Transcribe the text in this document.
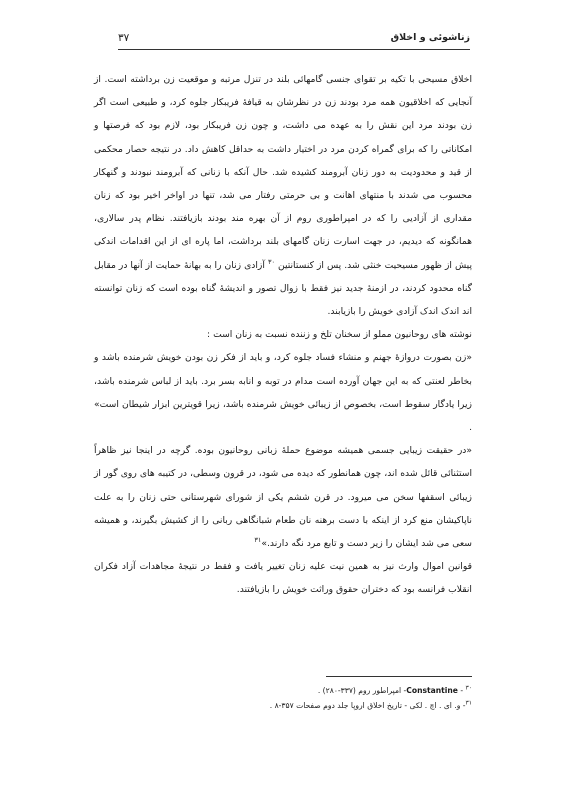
زناشوئی و اخلاق
۳۷

اخلاق مسیحی با تکیه بر تقوای جنسی گامهائی بلند در تنزل مرتبه و موقعیت زن برداشته است. از آنجایی که اخلاقیون همه مرد بودند زن در نظرشان به قیافهٔ فریبکار جلوه کرد، و طبیعی است اگر زن بودند مرد این نقش را به عهده می داشت، و چون زن فریبکار بود، لازم بود که فرصتها و امکاناتی را که برای گمراه کردن مرد در اختیار داشت به حداقل کاهش داد. در نتیجه حصار محکمی از قید و محدودیت به دور زنان آبرومند کشیده شد. حال آنکه با زنانی که آبرومند نبودند و گنهکار محسوب می شدند با منتهای اهانت و بی حرمتی رفتار می شد، تنها در اواخر اخیر بود که زنان مقداری از آزادیی را که در امپراطوری روم از آن بهره مند بودند بازیافتند. نظام پدر سالاری، همانگونه که دیدیم، در جهت اسارت زنان گامهای بلند برداشت، اما پاره ای از این اقدامات اندکی پیش از ظهور مسیحیت خنثی شد. پس از کنستانتین $^{۳۰}$ آزادی زنان را به بهانهٔ حمایت از آنها در مقابل گناه محدود کردند، در ازمنهٔ جدید نیز فقط با زوال تصور و اندیشهٔ گناه بوده است که زنان توانسته اند اندک اندک آزادی خویش را بازیابند.

نوشته های روحانیون مملو از سخنان تلخ و زننده نسبت به زنان است :

«زن بصورت دروازهٔ جهنم و منشاء فساد جلوه کرد، و باید از فکر زن بودن خویش شرمنده باشد و بخاطر لعنتی که به این جهان آورده است مدام در توبه و انابه بسر برد. باید از لباس شرمنده باشد، زیرا یادگار سقوط است، بخصوص از زیبائی خویش شرمنده باشد، زیرا قویترین ابزار شیطان است» .

«در حقیقت زیبایی جسمی همیشه موضوع حملهٔ زبانی روحانیون بوده. گرچه در اینجا نیز ظاهراً استثنائی قائل شده اند، چون همانطور که دیده می شود، در قرون وسطی، در کتیبه های روی گور از زیبائی اسقفها سخن می میرود. در قرن ششم یکی از شورای شهرستانی حتی زنان را به علت ناپاکیشان منع کرد از اینکه با دست برهنه نان طعام شبانگاهی ربانی را از کشیش بگیرند، و همیشه سعی می شد ایشان را زیر دست و تابع مرد نگه دارند.»$^{۳۱}$

قوانین اموال وارث نیز به همین نیت علیه زنان تغییر یافت و فقط در نتیجهٔ مجاهدات آزاد فکران انقلاب فرانسه بود که دختران حقوق وراثت خویش را بازیافتند.

$^{۳۰}$ - Constantine- امپراطور روم (۳۳۷-۲۸۰) .

$^{۳۱}$- و. ای . اچ . لکی - تاریخ اخلاق اروپا جلد دوم صفحات ۳۵۷-۸ .
